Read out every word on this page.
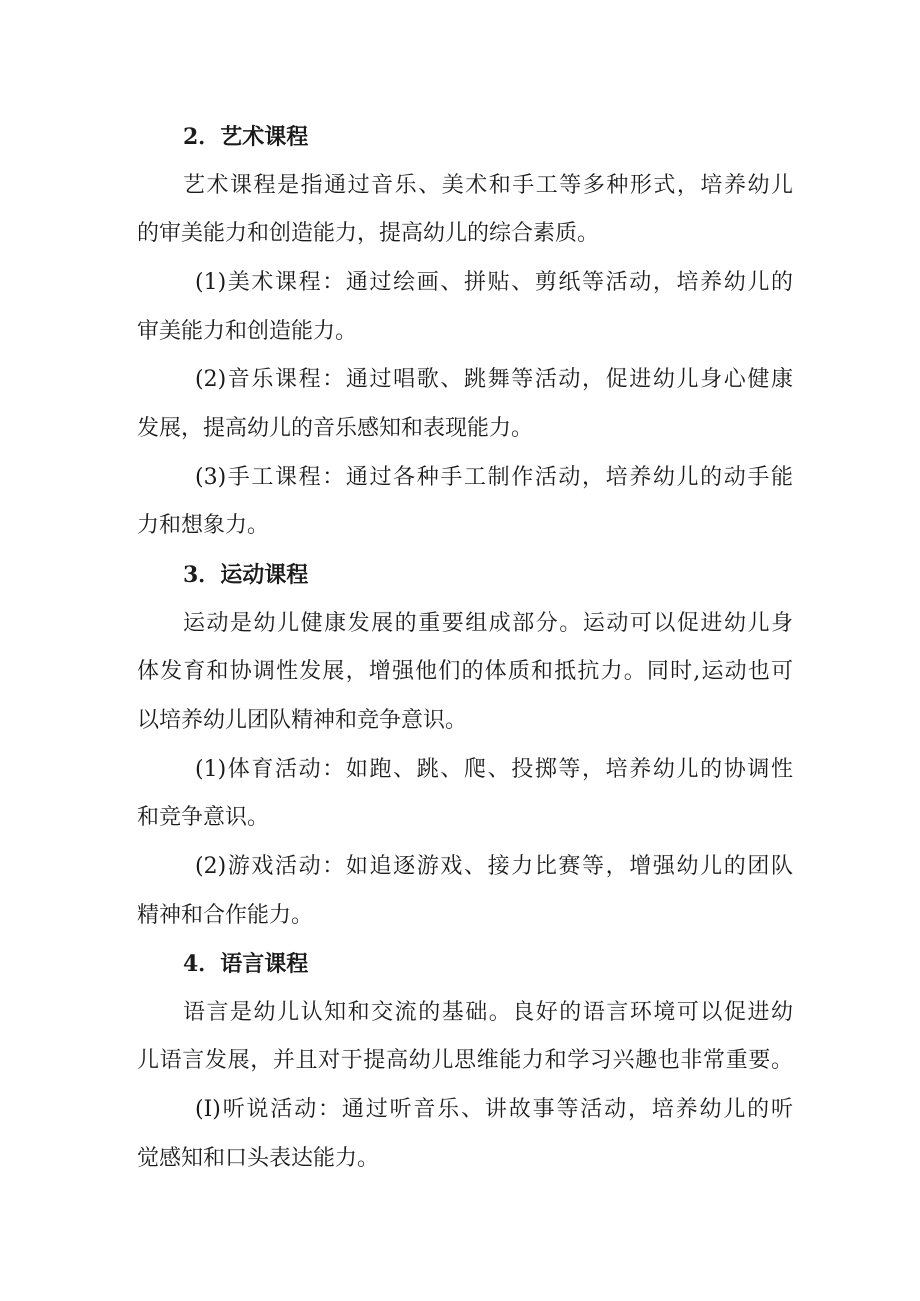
2．艺术课程
艺术课程是指通过音乐、美术和手工等多种形式，培养幼儿
的审美能力和创造能力，提高幼儿的综合素质。
(1)美术课程：通过绘画、拼贴、剪纸等活动，培养幼儿的
审美能力和创造能力。
(2)音乐课程：通过唱歌、跳舞等活动，促进幼儿身心健康
发展，提高幼儿的音乐感知和表现能力。
(3)手工课程：通过各种手工制作活动，培养幼儿的动手能
力和想象力。
3．运动课程
运动是幼儿健康发展的重要组成部分。运动可以促进幼儿身
体发育和协调性发展，增强他们的体质和抵抗力。同时,运动也可
以培养幼儿团队精神和竞争意识。
(1)体育活动：如跑、跳、爬、投掷等，培养幼儿的协调性
和竞争意识。
(2)游戏活动：如追逐游戏、接力比赛等，增强幼儿的团队
精神和合作能力。
4．语言课程
语言是幼儿认知和交流的基础。良好的语言环境可以促进幼
儿语言发展，并且对于提高幼儿思维能力和学习兴趣也非常重要。
(I)听说活动：通过听音乐、讲故事等活动，培养幼儿的听
觉感知和口头表达能力。
